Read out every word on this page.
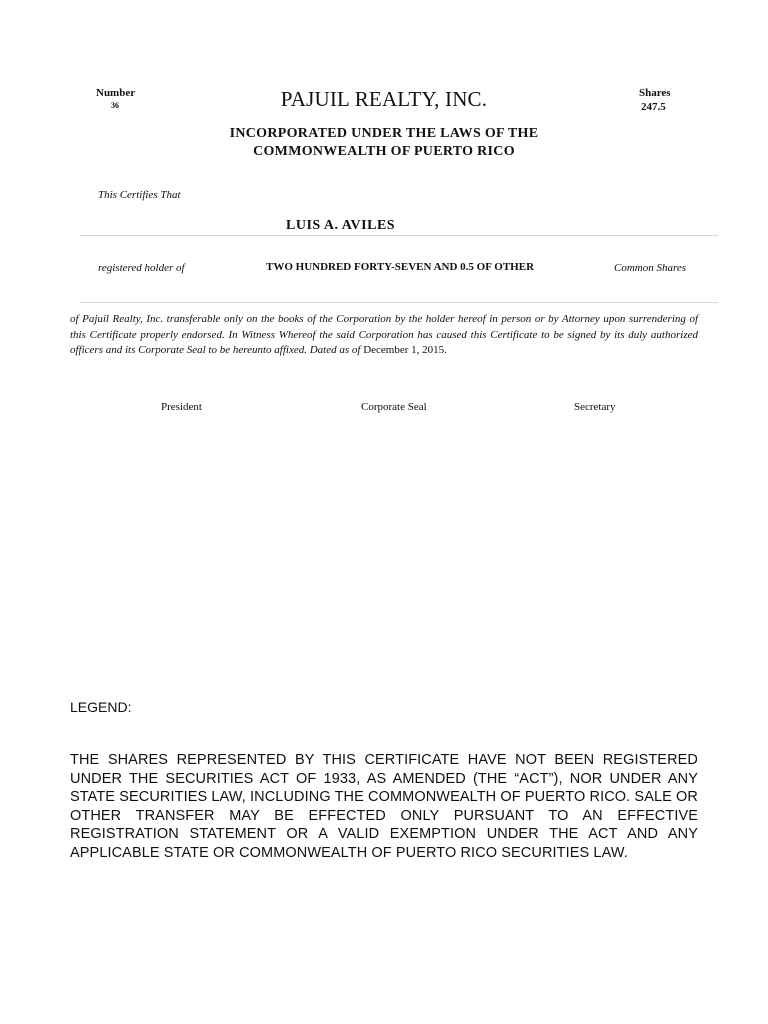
Number
36	PAJUIL REALTY, INC.	Shares
247.5
INCORPORATED UNDER THE LAWS OF THE
COMMONWEALTH OF PUERTO RICO
This Certifies That
LUIS A. AVILES
registered holder of	TWO HUNDRED FORTY-SEVEN AND 0.5 OF OTHER	Common Shares
of Pajuil Realty, Inc. transferable only on the books of the Corporation by the holder hereof in person or by Attorney upon surrendering of this Certificate properly endorsed. In Witness Whereof the said Corporation has caused this Certificate to be signed by its duly authorized officers and its Corporate Seal to be hereunto affixed. Dated as of December 1, 2015.
President	Corporate Seal	Secretary
LEGEND:
THE SHARES REPRESENTED BY THIS CERTIFICATE HAVE NOT BEEN REGISTERED UNDER THE SECURITIES ACT OF 1933, AS AMENDED (THE “ACT”), NOR UNDER ANY STATE SECURITIES LAW, INCLUDING THE COMMONWEALTH OF PUERTO RICO. SALE OR OTHER TRANSFER MAY BE EFFECTED ONLY PURSUANT TO AN EFFECTIVE REGISTRATION STATEMENT OR A VALID EXEMPTION UNDER THE ACT AND ANY APPLICABLE STATE OR COMMONWEALTH OF PUERTO RICO SECURITIES LAW.
